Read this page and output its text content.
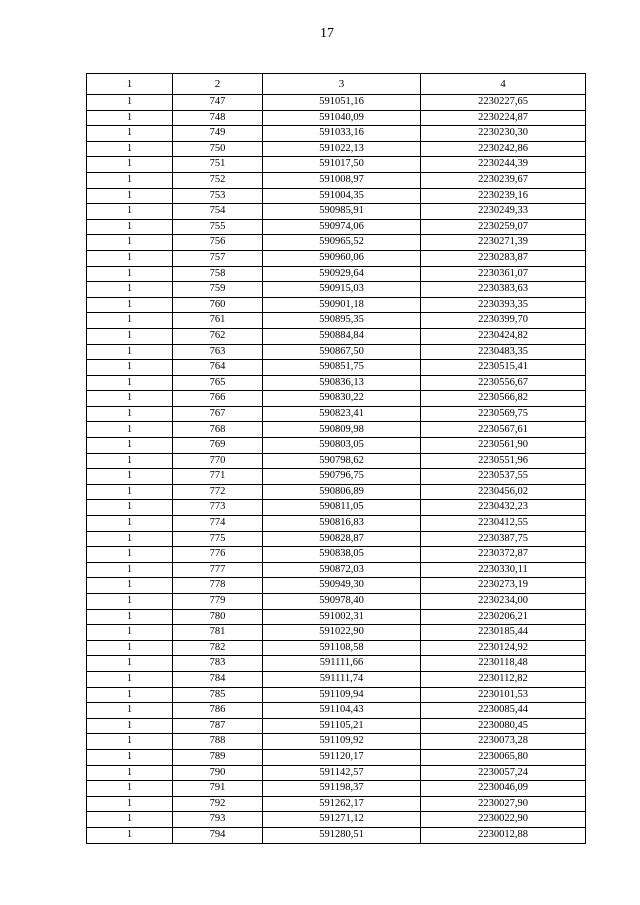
17
1	2	3	4
1	747	591051,16	2230227,65
1	748	591040,09	2230224,87
1	749	591033,16	2230230,30
1	750	591022,13	2230242,86
1	751	591017,50	2230244,39
1	752	591008,97	2230239,67
1	753	591004,35	2230239,16
1	754	590985,91	2230249,33
1	755	590974,06	2230259,07
1	756	590965,52	2230271,39
1	757	590960,06	2230283,87
1	758	590929,64	2230361,07
1	759	590915,03	2230383,63
1	760	590901,18	2230393,35
1	761	590895,35	2230399,70
1	762	590884,84	2230424,82
1	763	590867,50	2230483,35
1	764	590851,75	2230515,41
1	765	590836,13	2230556,67
1	766	590830,22	2230566,82
1	767	590823,41	2230569,75
1	768	590809,98	2230567,61
1	769	590803,05	2230561,90
1	770	590798,62	2230551,96
1	771	590796,75	2230537,55
1	772	590806,89	2230456,02
1	773	590811,05	2230432,23
1	774	590816,83	2230412,55
1	775	590828,87	2230387,75
1	776	590838,05	2230372,87
1	777	590872,03	2230330,11
1	778	590949,30	2230273,19
1	779	590978,40	2230234,00
1	780	591002,31	2230206,21
1	781	591022,90	2230185,44
1	782	591108,58	2230124,92
1	783	591111,66	2230118,48
1	784	591111,74	2230112,82
1	785	591109,94	2230101,53
1	786	591104,43	2230085,44
1	787	591105,21	2230080,45
1	788	591109,92	2230073,28
1	789	591120,17	2230065,80
1	790	591142,57	2230057,24
1	791	591198,37	2230046,09
1	792	591262,17	2230027,90
1	793	591271,12	2230022,90
1	794	591280,51	2230012,88
